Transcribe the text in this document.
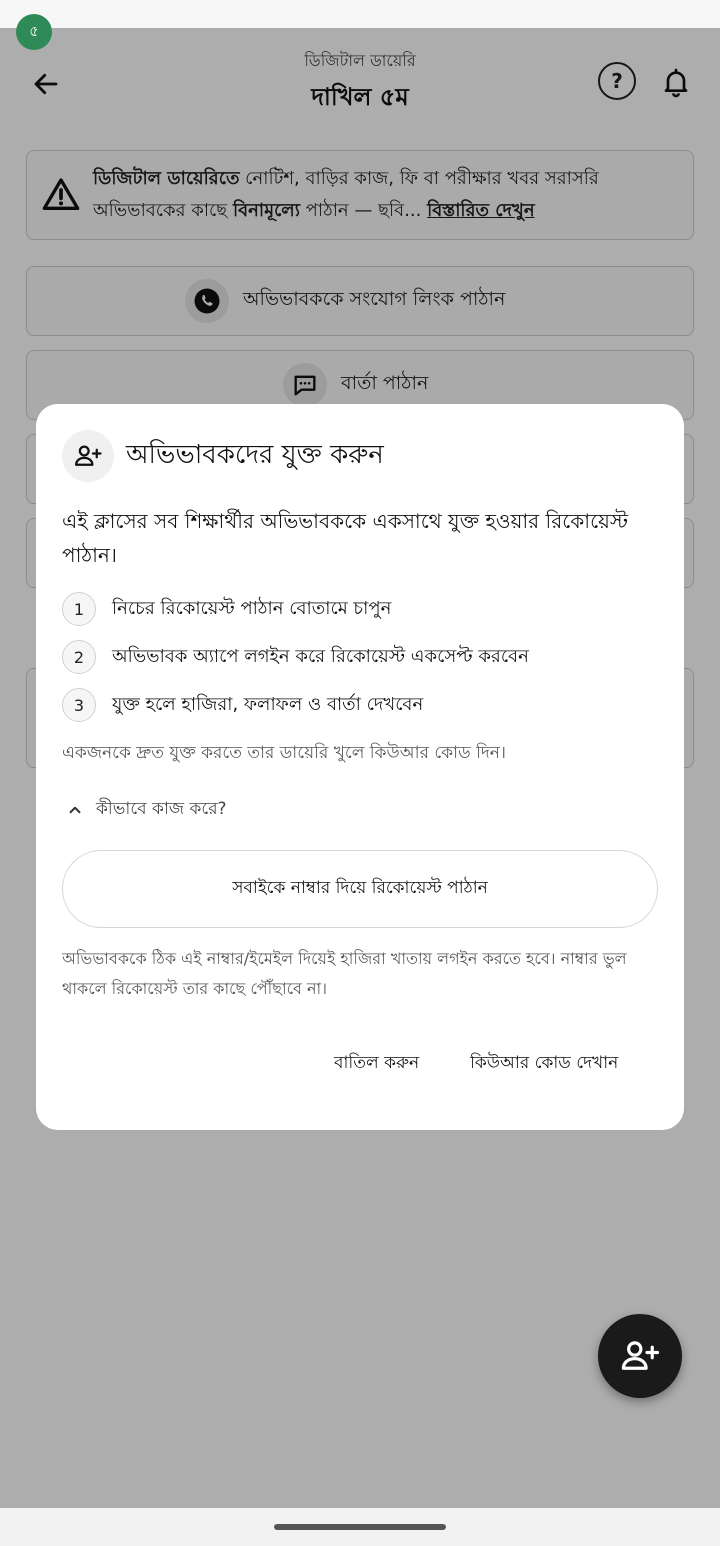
৫
ডিজিটাল ডায়েরি
দাখিল ৫ম
?
ডিজিটাল ডায়েরিতে নোটিশ, বাড়ির কাজ, ফি বা পরীক্ষার খবর সরাসরি অভিভাবকের কাছে বিনামূল্যে পাঠান — ছবি... বিস্তারিত দেখুন
অভিভাবককে সংযোগ লিংক পাঠান
বার্তা পাঠান
অভিভাবকদের যুক্ত করুন
এই ক্লাসের সব শিক্ষার্থীর অভিভাবককে একসাথে যুক্ত হওয়ার রিকোয়েস্ট পাঠান।
1	নিচের রিকোয়েস্ট পাঠান বোতামে চাপুন
2	অভিভাবক অ্যাপে লগইন করে রিকোয়েস্ট একসেপ্ট করবেন
3	যুক্ত হলে হাজিরা, ফলাফল ও বার্তা দেখবেন
একজনকে দ্রুত যুক্ত করতে তার ডায়েরি খুলে কিউআর কোড দিন।
কীভাবে কাজ করে?
সবাইকে নাম্বার দিয়ে রিকোয়েস্ট পাঠান
অভিভাবককে ঠিক এই নাম্বার/ইমেইল দিয়েই হাজিরা খাতায় লগইন করতে হবে। নাম্বার ভুল থাকলে রিকোয়েস্ট তার কাছে পৌঁছাবে না।
বাতিল করুন	কিউআর কোড দেখান
